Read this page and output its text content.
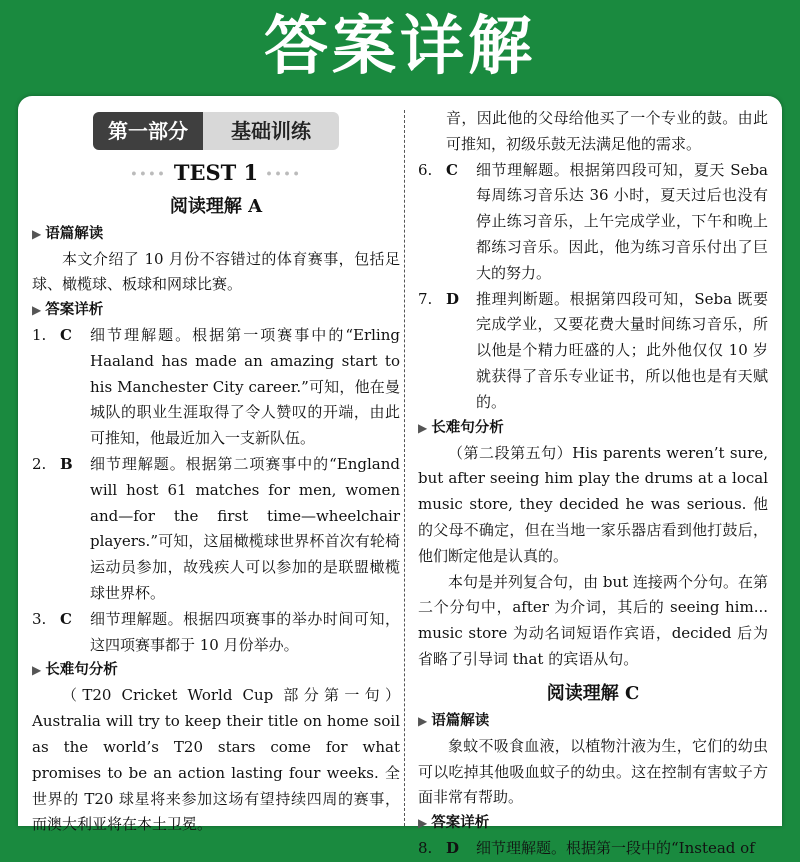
答案详解
第一部分	基础训练
•••• TEST 1 ••••
阅读理解 A
▶ 语篇解读

本文介绍了 10 月份不容错过的体育赛事，包括足球、橄榄球、板球和网球比赛。

▶ 答案详析
1. C	细节理解题。根据第一项赛事中的“Erling Haaland has made an amazing start to his Manchester City career.”可知，他在曼城队的职业生涯取得了令人赞叹的开端，由此可推知，他最近加入一支新队伍。
2. B	细节理解题。根据第二项赛事中的“England will host 61 matches for men, women and—for the first time—wheelchair players.”可知，这届橄榄球世界杯首次有轮椅运动员参加，故残疾人可以参加的是联盟橄榄球世界杯。
3. C	细节理解题。根据四项赛事的举办时间可知，这四项赛事都于 10 月份举办。
▶ 长难句分析

（T20 Cricket World Cup 部分第一句）Australia will try to keep their title on home soil as the world’s T20 stars come for what promises to be an action lasting four weeks. 全世界的 T20 球星将来参加这场有望持续四周的赛事，而澳大利亚将在本土卫冕。

音，因此他的父母给他买了一个专业的鼓。由此可推知，初级乐鼓无法满足他的需求。

6. C	细节理解题。根据第四段可知，夏天 Seba 每周练习音乐达 36 小时，夏天过后也没有停止练习音乐，上午完成学业，下午和晚上都练习音乐。因此，他为练习音乐付出了巨大的努力。
7. D	推理判断题。根据第四段可知，Seba 既要完成学业，又要花费大量时间练习音乐，所以他是个精力旺盛的人；此外他仅仅 10 岁就获得了音乐专业证书，所以他也是有天赋的。
▶ 长难句分析

（第二段第五句）His parents weren’t sure, but after seeing him play the drums at a local music store, they decided he was serious. 他的父母不确定，但在当地一家乐器店看到他打鼓后，他们断定他是认真的。

本句是并列复合句，由 but 连接两个分句。在第二个分句中，after 为介词，其后的 seeing him... music store 为动名词短语作宾语，decided 后为省略了引导词 that 的宾语从句。

阅读理解 C
▶ 语篇解读

象蚊不吸食血液，以植物汁液为生，它们的幼虫可以吃掉其他吸血蚊子的幼虫。这在控制有害蚊子方面非常有帮助。

▶ 答案详析
8. D	细节理解题。根据第一段中的“Instead of
